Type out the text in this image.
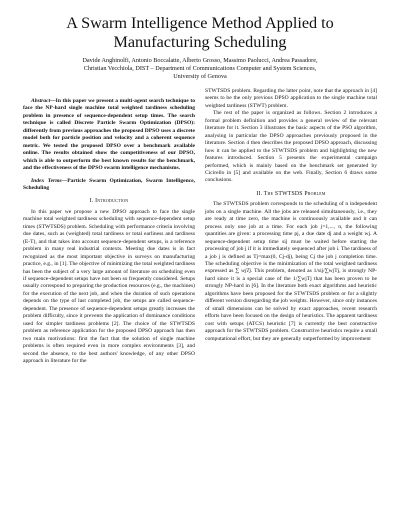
A Swarm Intelligence Method Applied to
Manufacturing Scheduling
Davide Anghinolfi, Antonio Boccalatte, Alberto Grosso, Massimo Paolucci, Andrea Passadore,
Christian Vecchiola, DIST – Department of Communications Computer and System Sciences,
University of Genova

Abstract—In this paper we present a multi-agent search technique to face the NP-hard single machine total weighted tardiness scheduling problem in presence of sequence-dependent setup times. The search technique is called Discrete Particle Swarm Optimization (DPSO): differently from previous approaches the proposed DPSO uses a discrete model both for particle position and velocity and a coherent sequence metric. We tested the proposed DPSO over a benchmark available online. The results obtained show the competitiveness of our DPSO, which is able to outperform the best known results for the benchmark, and the effectiveness of the DPSO swarm intelligence mechanisms.

Index Terms—Particle Swarm Optimization, Swarm Intelligence, Scheduling

I. Introduction

In this paper we propose a new DPSO approach to face the single machine total weighted tardiness scheduling with sequence-dependent setup times (STWTSDS) problem. Scheduling with performance criteria involving due dates, such as (weighted) total tardiness or total earliness and tardiness (E-T), and that takes into account sequence-dependent setups, is a reference problem in many real industrial contexts. Meeting due dates is in fact recognized as the most important objective in surveys on manufacturing practice, e.g., in [1]. The objective of minimizing the total weighted tardiness has been the subject of a very large amount of literature on scheduling even if sequence-dependent setups have not been so frequently considered. Setups usually correspond to preparing the production resources (e.g., the machines) for the execution of the next job, and when the duration of such operations depends on the type of last completed job, the setups are called sequence-dependent. The presence of sequence-dependent setups greatly increases the problem difficulty, since it prevents the application of dominance conditions used for simpler tardiness problems [2]. The choice of the STWTSDS problem as reference application for the proposed DPSO approach has then two main motivations: first the fact that the solution of single machine problems is often required even in more complex environments [3], and second the absence, to the best authors' knowledge, of any other DPSO approach in literature for the

STWTSDS problem. Regarding the latter point, note that the approach in [4] seems to be the only previous DPSO application to the single machine total weighted tardiness (STWT) problem.

The rest of the paper is organized as follows. Section 2 introduces a formal problem definition and provides a general review of the relevant literature for it. Section 3 illustrates the basic aspects of the PSO algorithm, analysing in particular the DPSO approaches previously proposed in the literature. Section 4 then describes the proposed DPSO approach, discussing how it can be applied to the STWTSDS problem and highlighting the new features introduced. Section 5 presents the experimental campaign performed, which is mainly based on the benchmark set generated by Cicirello in [5] and available on the web. Finally, Section 6 draws some conclusions.

II. The STWTSDS Problem

The STWTSDS problem corresponds to the scheduling of n independent jobs on a single machine. All the jobs are released simultaneously, i.e., they are ready at time zero, the machine is continuously available and it can process only one job at a time. For each job j=1,..., n, the following quantities are given: a processing time pj, a due date dj and a weight wj. A sequence-dependent setup time sij must be waited before starting the processing of job j if it is immediately sequenced after job i. The tardiness of a job j is defined as Tj=max(0, Cj-dj), being Cj the job j completion time. The scheduling objective is the minimization of the total weighted tardiness expressed as ∑ wjTj. This problem, denoted as 1/sij/∑wjTj, is strongly NP-hard since it is a special case of the 1/∑wjTj that has been proven to be strongly NP-hard in [6]. In the literature both exact algorithms and heuristic algorithms have been proposed for the STWTSDS problem or for a slightly different version disregarding the job weights. However, since only instances of small dimensions can be solved by exact approaches, recent research efforts have been focused on the design of heuristics. The apparent tardiness cost with setups (ATCS) heuristic [7] is currently the best constructive approach for the STWTSDS problem. Constructive heuristics require a small computational effort, but they are generally outperformed by improvement
